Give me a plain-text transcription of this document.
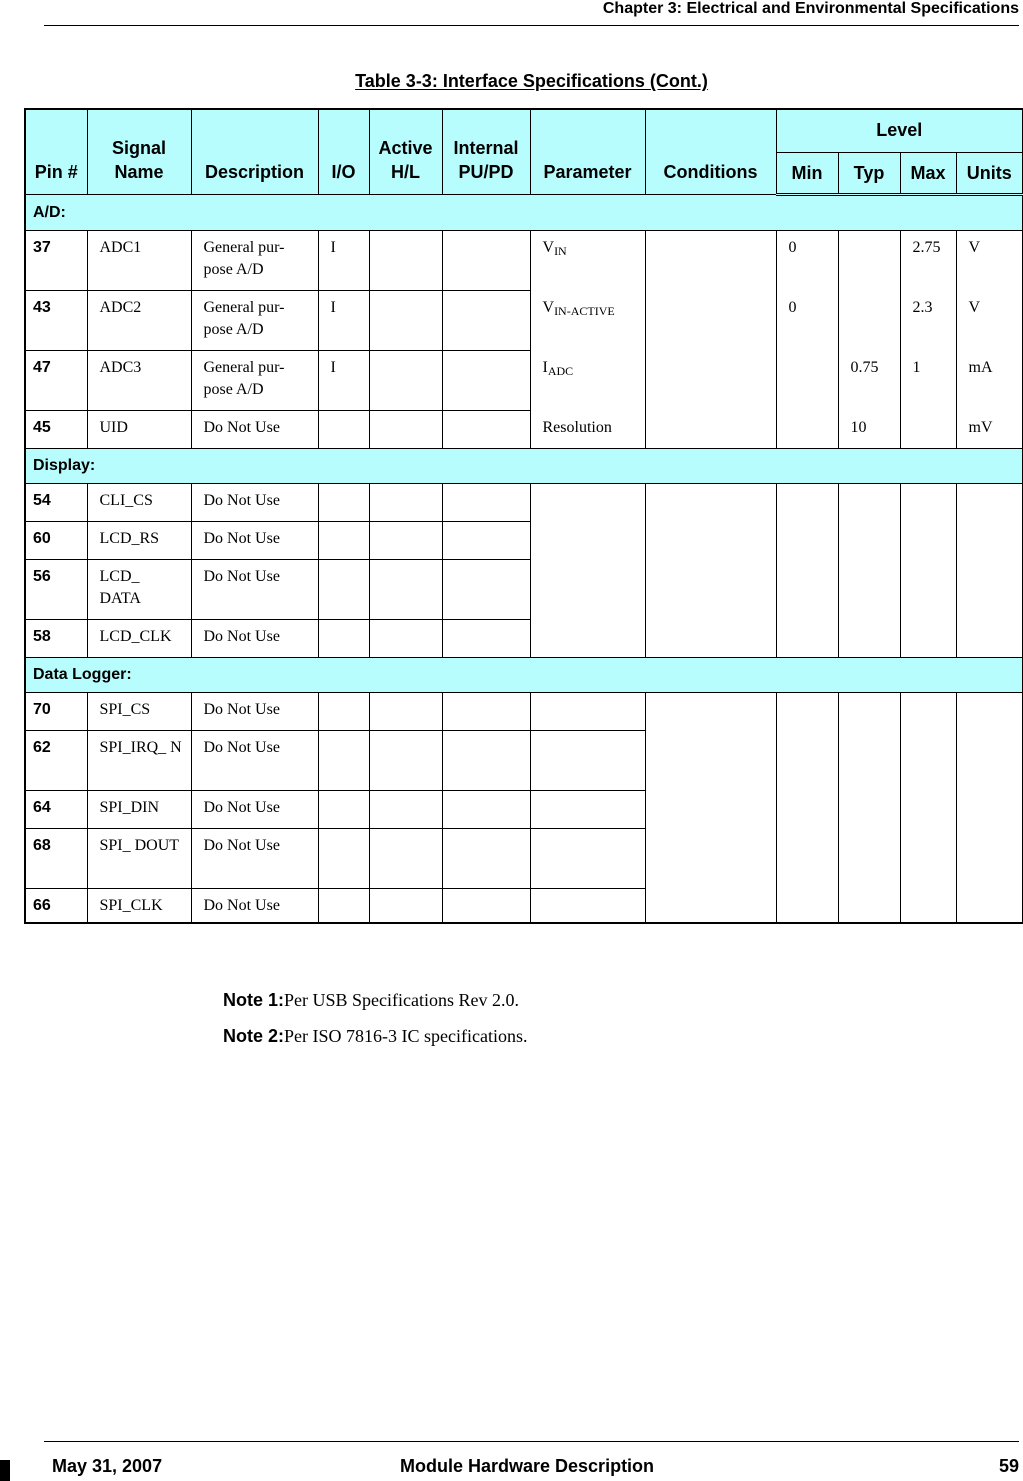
Chapter 3: Electrical and Environmental Specifications
Table 3-3: Interface Specifications (Cont.)
Pin #	Signal Name	Description	I/O	Active H/L	Internal PU/PD	Parameter	Conditions	Level			
								Min	Typ	Max	Units
A/D:											
37	ADC1	General pur-pose A/D	I			$V_{IN}$		0		2.75	V
43	ADC2	General pur-pose A/D	I			$V_{IN-ACTIVE}$		0		2.3	V
47	ADC3	General pur-pose A/D	I			$I_{ADC}$			0.75	1	mA
45	UID	Do Not Use				Resolution			10		mV
Display:											
54	CLI_CS	Do Not Use									
60	LCD_RS	Do Not Use									
56	LCD_ DATA	Do Not Use									
58	LCD_CLK	Do Not Use									
Data Logger:											
70	SPI_CS	Do Not Use									
62	SPI_IRQ_ N	Do Not Use									
64	SPI_DIN	Do Not Use									
68	SPI_ DOUT	Do Not Use									
66	SPI_CLK	Do Not Use									
Note 1:Per USB Specifications Rev 2.0.
Note 2:Per ISO 7816-3 IC specifications.
May 31, 2007	Module Hardware Description	59
